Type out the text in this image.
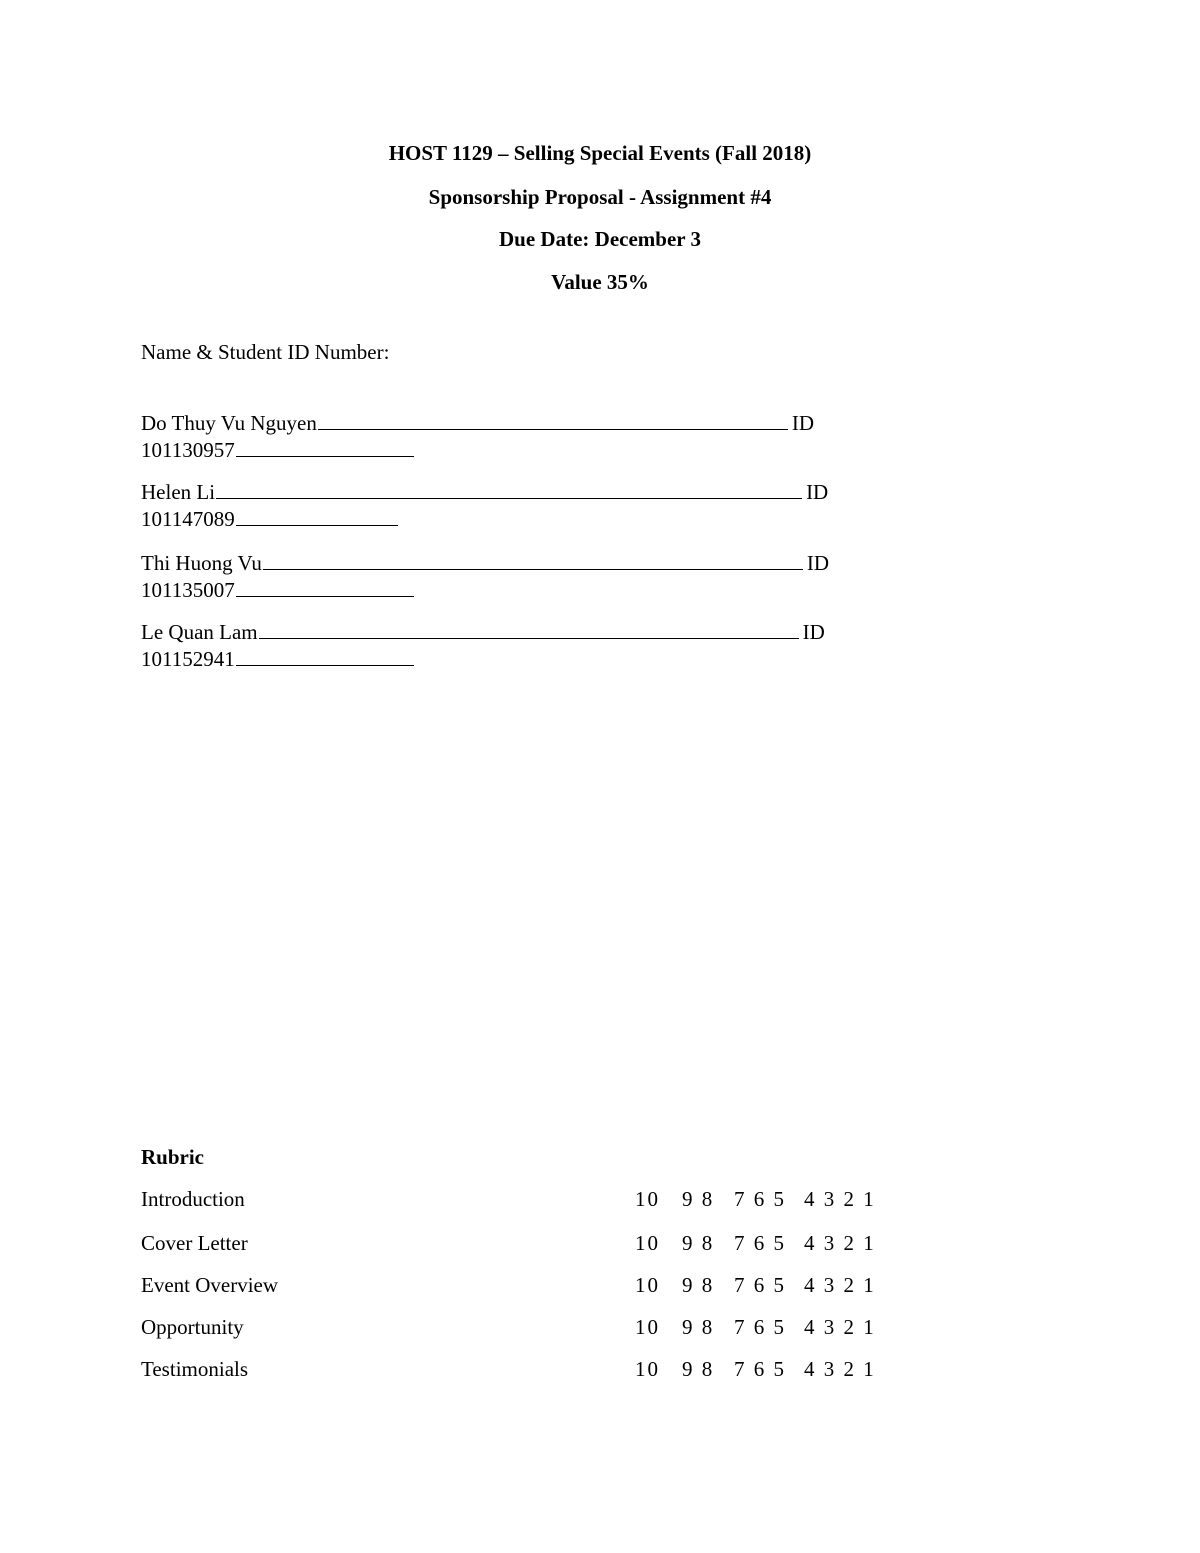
HOST 1129 – Selling Special Events (Fall 2018)
Sponsorship Proposal - Assignment #4
Due Date: December 3
Value 35%
Name & Student ID Number:
Do Thuy Vu Nguyen	ID
101130957
Helen Li	ID
101147089
Thi Huong Vu	ID
101135007
Le Quan Lam	ID
101152941
Rubric
Introduction	10 9 8 7 6 5 4 3 2 1
Cover Letter	10 9 8 7 6 5 4 3 2 1
Event Overview	10 9 8 7 6 5 4 3 2 1
Opportunity	10 9 8 7 6 5 4 3 2 1
Testimonials	10 9 8 7 6 5 4 3 2 1
